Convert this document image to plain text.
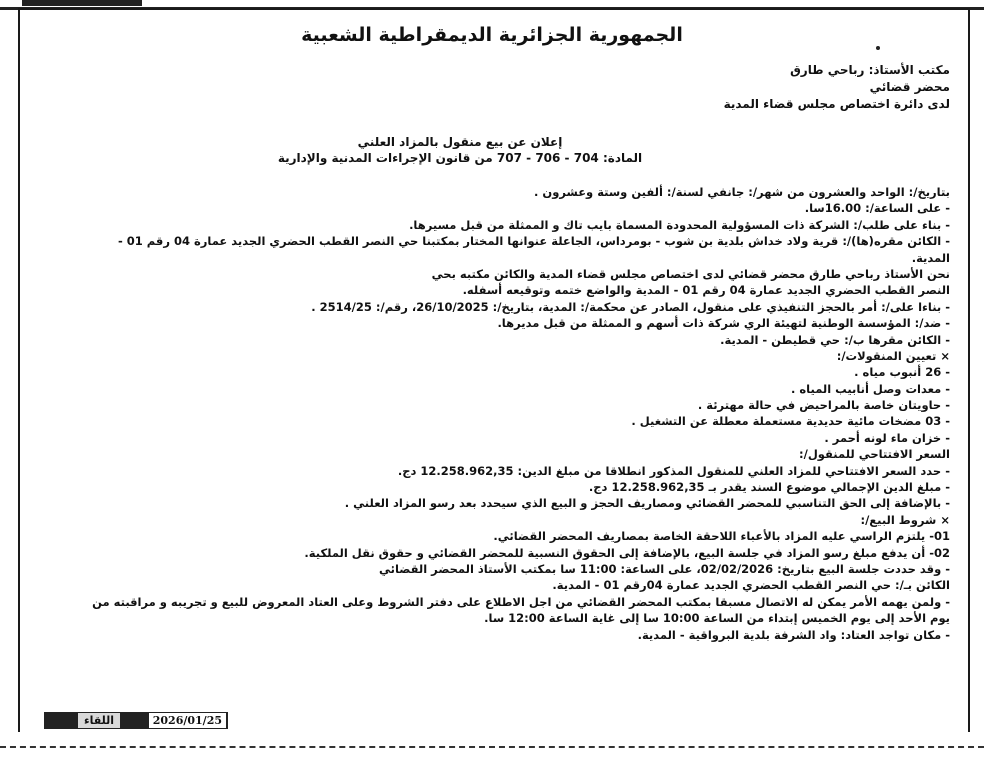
الجمهورية الجزائرية الديمقراطية الشعبية
مكتب الأستاذ: رباحي طارق
محضر قضائي
لدى دائرة اختصاص مجلس قضاء المدية
إعلان عن بيع منقول بالمزاد العلني
المادة: 704 - 706 - 707 من قانون الإجراءات المدنية والإدارية
بتاريخ/: الواحد والعشرون من شهر/: جانفي لسنة/: ألفين وستة وعشرون .
- على الساعة/: 16.00سا.
- بناء على طلب/: الشركة ذات المسؤولية المحدودة المسماة بايب تاك و الممثلة من قبل مسيرها.
- الكائن مقره(ها)/: قرية ولاد خداش بلدية بن شوب - بومرداس، الجاعلة عنوانها المختار بمكتبنا حي النصر القطب الحضري الجديد عمارة 04 رقم 01 -
المدية.
نحن الأستاذ رباحي طارق محضر قضائي لدى اختصاص مجلس قضاء المدية والكائن مكتبه بحي
النصر القطب الحضري الجديد عمارة 04 رقم 01 - المدية والواضع ختمه وتوقيعه أسفله.
- بناءا على/: أمر بالحجز التنفيذي على منقول، الصادر عن محكمة/: المدية، بتاريخ/: 26/10/2025، رقم/: 2514/25 .
- ضد/: المؤسسة الوطنية لتهيئة الري شركة ذات أسهم و الممثلة من قبل مديرها.
- الكائن مقرها ب/: حي قطيطن - المدية.
× تعيين المنقولات/:
- 26 أنبوب مياه .
- معدات وصل أنابيب المياه .
- حاويتان خاصة بالمراحيض في حالة مهترئة .
- 03 مضخات مائية حديدية مستعملة معطلة عن التشغيل .
- خزان ماء لونه أحمر .
السعر الافتتاحي للمنقول/:
- حدد السعر الافتتاحي للمزاد العلني للمنقول المذكور انطلاقا من مبلغ الدين: 12.258.962,35 دج.
- مبلغ الدين الإجمالي موضوع السند يقدر بـ 12.258.962,35 دج.
- بالإضافة إلى الحق التناسبي للمحضر القضائي ومصاريف الحجز و البيع الذي سيحدد بعد رسو المزاد العلني .
× شروط البيع/:
01- يلتزم الراسي عليه المزاد بالأعباء اللاحقة الخاصة بمصاريف المحضر القضائي.
02- أن يدفع مبلغ رسو المزاد في جلسة البيع، بالإضافة إلى الحقوق النسبية للمحضر القضائي و حقوق نقل الملكية.
- وقد حددت جلسة البيع بتاريخ: 02/02/2026، على الساعة: 11:00 سا بمكتب الأستاذ المحضر القضائي
الكائن بـ/: حي النصر القطب الحضري الجديد عمارة 04رقم 01 - المدية.
- ولمن يهمه الأمر يمكن له الاتصال مسبقا بمكتب المحضر القضائي من اجل الاطلاع على دفتر الشروط وعلى العتاد المعروض للبيع و تجريبه و مراقبته من
يوم الأحد إلى يوم الخميس إبتداء من الساعة 10:00 سا إلى غاية الساعة 12:00 سا.
- مكان تواجد العتاد: واد الشرفة بلدية البرواقية - المدية.
اللقاء	2026/01/25
